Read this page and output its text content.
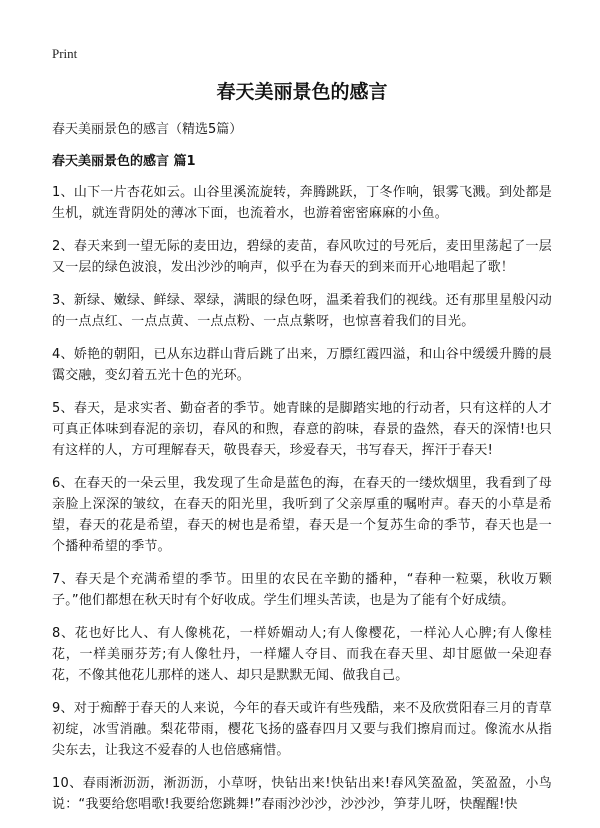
Print
春天美丽景色的感言
春天美丽景色的感言（精选5篇）
春天美丽景色的感言 篇1

1、山下一片杏花如云。山谷里溪流旋转，奔腾跳跃，丁冬作响，银雾飞溅。到处都是生机，就连背阴处的薄冰下面，也流着水，也游着密密麻麻的小鱼。

2、春天来到一望无际的麦田边，碧绿的麦苗，春风吹过的号死后，麦田里荡起了一层又一层的绿色波浪，发出沙沙的响声，似乎在为春天的到来而开心地唱起了歌！

3、新绿、嫩绿、鲜绿、翠绿，满眼的绿色呀，温柔着我们的视线。还有那里星般闪动的一点点红、一点点黄、一点点粉、一点点紫呀，也惊喜着我们的目光。

4、娇艳的朝阳，已从东边群山背后跳了出来，万膘红霞四溢，和山谷中缓缓升腾的晨霭交融，变幻着五光十色的光环。

5、春天，是求实者、勤奋者的季节。她青睐的是脚踏实地的行动者，只有这样的人才可真正体味到春泥的亲切，春风的和煦，春意的韵味，春景的盎然，春天的深情!也只有这样的人，方可理解春天，敬畏春天，珍爱春天，书写春天，挥汗于春天!

6、在春天的一朵云里，我发现了生命是蓝色的海，在春天的一缕炊烟里，我看到了母亲脸上深深的皱纹，在春天的阳光里，我听到了父亲厚重的嘱咐声。春天的小草是希望，春天的花是希望，春天的树也是希望，春天是一个复苏生命的季节，春天也是一个播种希望的季节。

7、春天是个充满希望的季节。田里的农民在辛勤的播种，“春种一粒粟，秋收万颗子。”他们都想在秋天时有个好收成。学生们埋头苦读，也是为了能有个好成绩。

8、花也好比人、有人像桃花，一样娇媚动人;有人像樱花，一样沁人心脾;有人像桂花，一样美丽芬芳;有人像牡丹，一样耀人夺目、而我在春天里、却甘愿做一朵迎春花，不像其他花儿那样的迷人、却只是默默无闻、做我自己。

9、对于痴醉于春天的人来说，今年的春天或许有些残酷，来不及欣赏阳春三月的青草初绽，冰雪消融。梨花带雨，樱花飞扬的盛春四月又要与我们擦肩而过。像流水从指尖东去，让我这不爱春的人也倍感痛惜。

10、春雨淅沥沥，淅沥沥，小草呀，快钻出来!快钻出来!春风笑盈盈，笑盈盈，小鸟说：“我要给您唱歌!我要给您跳舞!”春雨沙沙沙，沙沙沙，笋芽儿呀，快醒醒!快
